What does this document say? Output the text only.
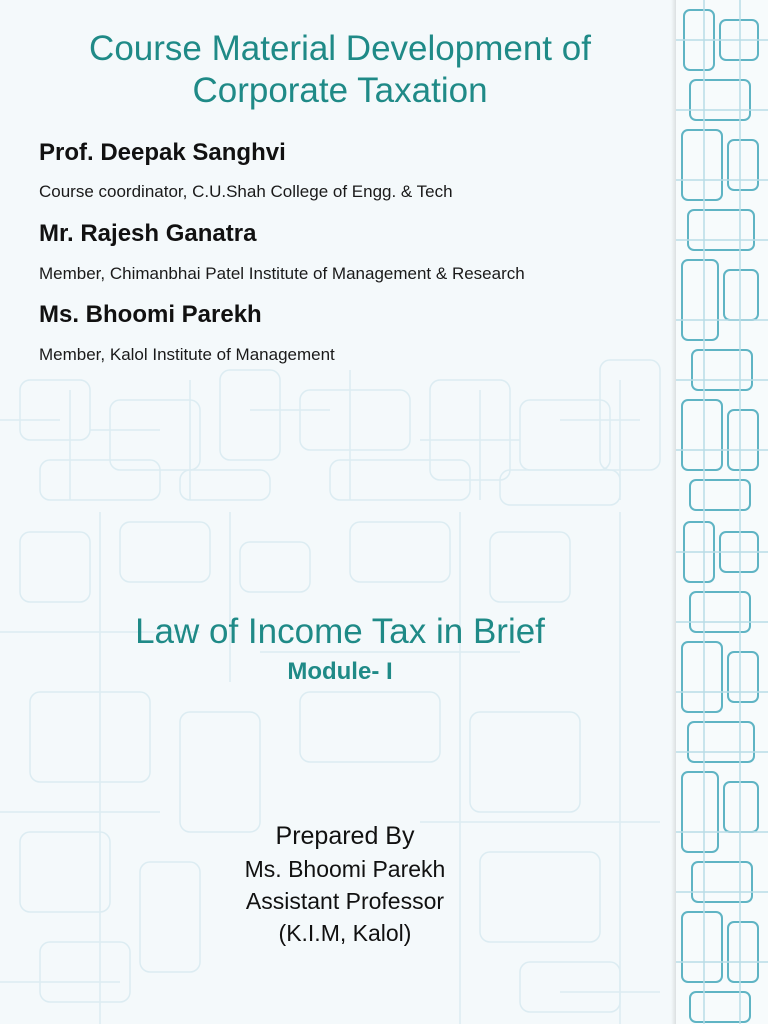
Course Material Development of
Corporate Taxation
Prof. Deepak Sanghvi
Course coordinator, C.U.Shah College of Engg. & Tech
Mr. Rajesh Ganatra
Member, Chimanbhai Patel Institute of Management & Research
Ms. Bhoomi Parekh
Member, Kalol Institute of Management
Law of Income Tax in Brief
Module- I
Prepared By
Ms. Bhoomi Parekh
Assistant Professor
(K.I.M, Kalol)
